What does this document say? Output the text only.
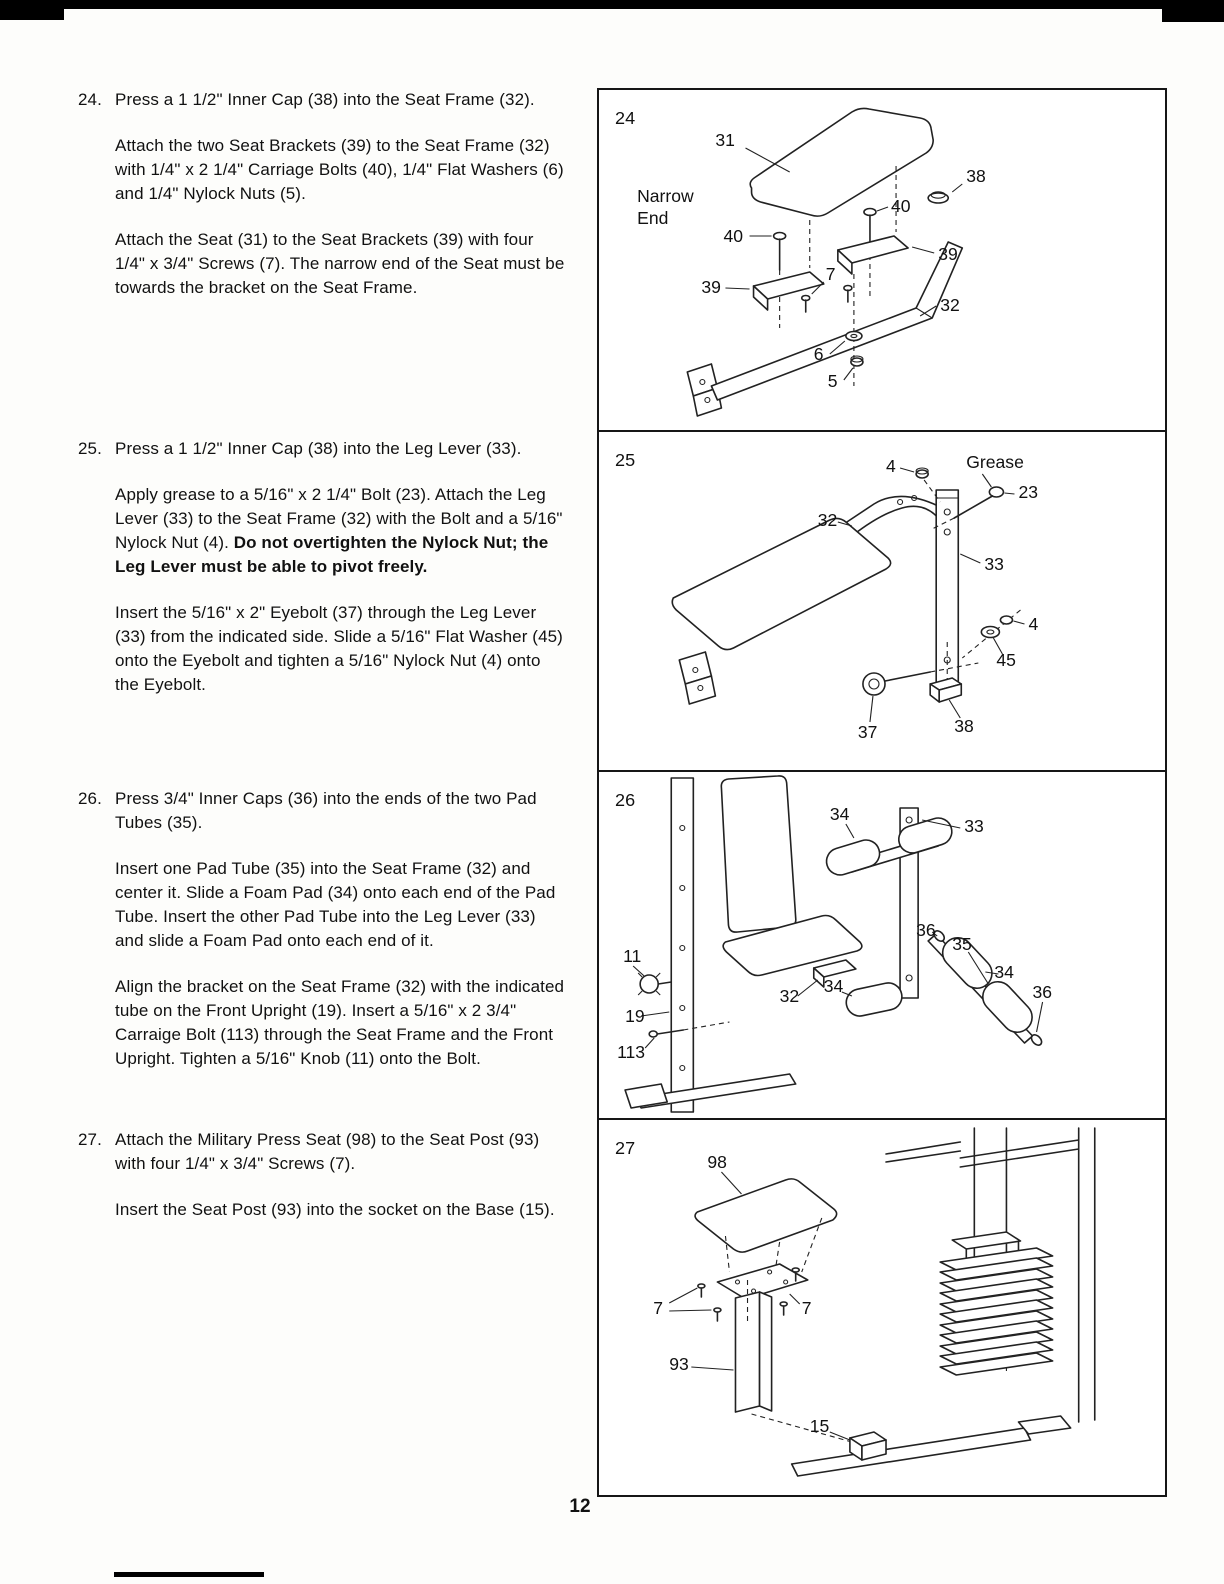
24. Press a 1 1/2" Inner Cap (38) into the Seat Frame (32).

Attach the two Seat Brackets (39) to the Seat Frame (32) with 1/4" x 2 1/4" Carriage Bolts (40), 1/4" Flat Washers (6) and 1/4" Nylock Nuts (5).

Attach the Seat (31) to the Seat Brackets (39) with four 1/4" x 3/4" Screws (7). The narrow end of the Seat must be towards the bracket on the Seat Frame.

25. Press a 1 1/2" Inner Cap (38) into the Leg Lever (33).

Apply grease to a 5/16" x 2 1/4" Bolt (23). Attach the Leg Lever (33) to the Seat Frame (32) with the Bolt and a 5/16" Nylock Nut (4). Do not overtighten the Nylock Nut; the Leg Lever must be able to pivot freely.

Insert the 5/16" x 2" Eyebolt (37) through the Leg Lever (33) from the indicated side. Slide a 5/16" Flat Washer (45) onto the Eyebolt and tighten a 5/16" Nylock Nut (4) onto the Eyebolt.

26. Press 3/4" Inner Caps (36) into the ends of the two Pad Tubes (35).

Insert one Pad Tube (35) into the Seat Frame (32) and center it. Slide a Foam Pad (34) onto each end of the Pad Tube. Insert the other Pad Tube into the Leg Lever (33) and slide a Foam Pad onto each end of it.

Align the bracket on the Seat Frame (32) with the indicated tube on the Front Upright (19). Insert a 5/16" x 2 3/4" Carraige Bolt (113) through the Seat Frame and the Front Upright. Tighten a 5/16" Knob (11) onto the Bolt.

27. Attach the Military Press Seat (98) to the Seat Post (93) with four 1/4" x 3/4" Screws (7).

Insert the Seat Post (93) into the socket on the Base (15).

24
31
38
40
Narrow
End
40
39
39
7
32
6
5
25	4	Grease
23
32
33
4
45
37	38
26
34
33
36
35
34
36
34
32
11
19
113
27
98
7	7
93
15
12
